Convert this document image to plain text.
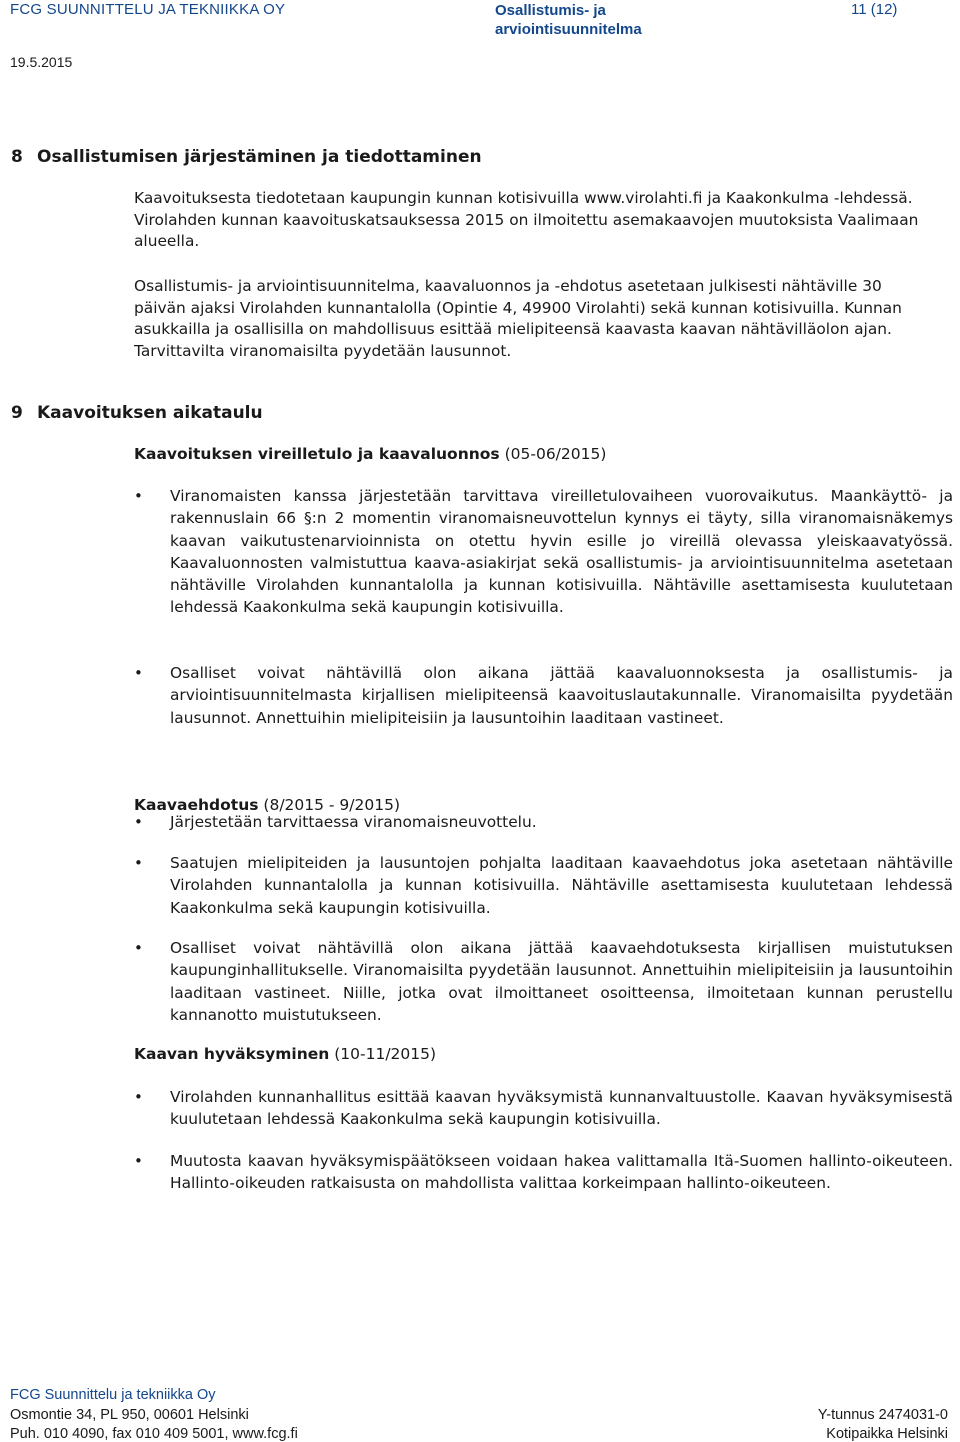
FCG SUUNNITTELU JA TEKNIIKKA OY	Osallistumis- ja arviointisuunnitelma
11 (12)
19.5.2015
8 Osallistumisen järjestäminen ja tiedottaminen
Kaavoituksesta tiedotetaan kaupungin kunnan kotisivuilla www.virolahti.fi ja Kaakonkulma -lehdessä. Virolahden kunnan kaavoituskatsauksessa 2015 on ilmoitettu asemakaavojen muutoksista Vaalimaan alueella.
Osallistumis- ja arviointisuunnitelma, kaavaluonnos ja -ehdotus asetetaan julkisesti nähtäville 30 päivän ajaksi Virolahden kunnantalolla (Opintie 4, 49900 Virolahti) sekä kunnan kotisivuilla. Kunnan asukkailla ja osallisilla on mahdollisuus esittää mielipiteensä kaavasta kaavan nähtävilläolon ajan. Tarvittavilta viranomaisilta pyydetään lausunnot.
9 Kaavoituksen aikataulu
Kaavoituksen vireilletulo ja kaavaluonnos (05-06/2015)
• Viranomaisten kanssa järjestetään tarvittava vireilletulovaiheen vuorovaikutus. Maankäyttö- ja rakennuslain 66 §:n 2 momentin viranomaisneuvottelun kynnys ei täyty, silla viranomaisnäkemys kaavan vaikutustenarvioinnista on otettu hyvin esille jo vireillä olevassa yleiskaavatyössä. Kaavaluonnosten valmistuttua kaava-asiakirjat sekä osallistumis- ja arviointisuunnitelma asetetaan nähtäville Virolahden kunnantalolla ja kunnan kotisivuilla. Nähtäville asettamisesta kuulutetaan lehdessä Kaakonkulma sekä kaupungin kotisivuilla.
• Osalliset voivat nähtävillä olon aikana jättää kaavaluonnoksesta ja osallistumis- ja arviointisuunnitelmasta kirjallisen mielipiteensä kaavoituslautakunnalle. Viranomaisilta pyydetään lausunnot. Annettuihin mielipiteisiin ja lausuntoihin laaditaan vastineet.
Kaavaehdotus (8/2015 - 9/2015)
• Järjestetään tarvittaessa viranomaisneuvottelu.
• Saatujen mielipiteiden ja lausuntojen pohjalta laaditaan kaavaehdotus joka asetetaan nähtäville Virolahden kunnantalolla ja kunnan kotisivuilla. Nähtäville asettamisesta kuulutetaan lehdessä Kaakonkulma sekä kaupungin kotisivuilla.
• Osalliset voivat nähtävillä olon aikana jättää kaavaehdotuksesta kirjallisen muistutuksen kaupunginhallitukselle. Viranomaisilta pyydetään lausunnot. Annettuihin mielipiteisiin ja lausuntoihin laaditaan vastineet. Niille, jotka ovat ilmoittaneet osoitteensa, ilmoitetaan kunnan perustellu kannanotto muistutukseen.
Kaavan hyväksyminen (10-11/2015)
• Virolahden kunnanhallitus esittää kaavan hyväksymistä kunnanvaltuustolle. Kaavan hyväksymisestä kuulutetaan lehdessä Kaakonkulma sekä kaupungin kotisivuilla.
• Muutosta kaavan hyväksymispäätökseen voidaan hakea valittamalla Itä-Suomen hallinto-oikeuteen. Hallinto-oikeuden ratkaisusta on mahdollista valittaa korkeimpaan hallinto-oikeuteen.
FCG Suunnittelu ja tekniikka Oy
Osmontie 34, PL 950, 00601 Helsinki
Puh. 010 4090, fax 010 409 5001, www.fcg.fi
Y-tunnus 2474031-0
Kotipaikka Helsinki
